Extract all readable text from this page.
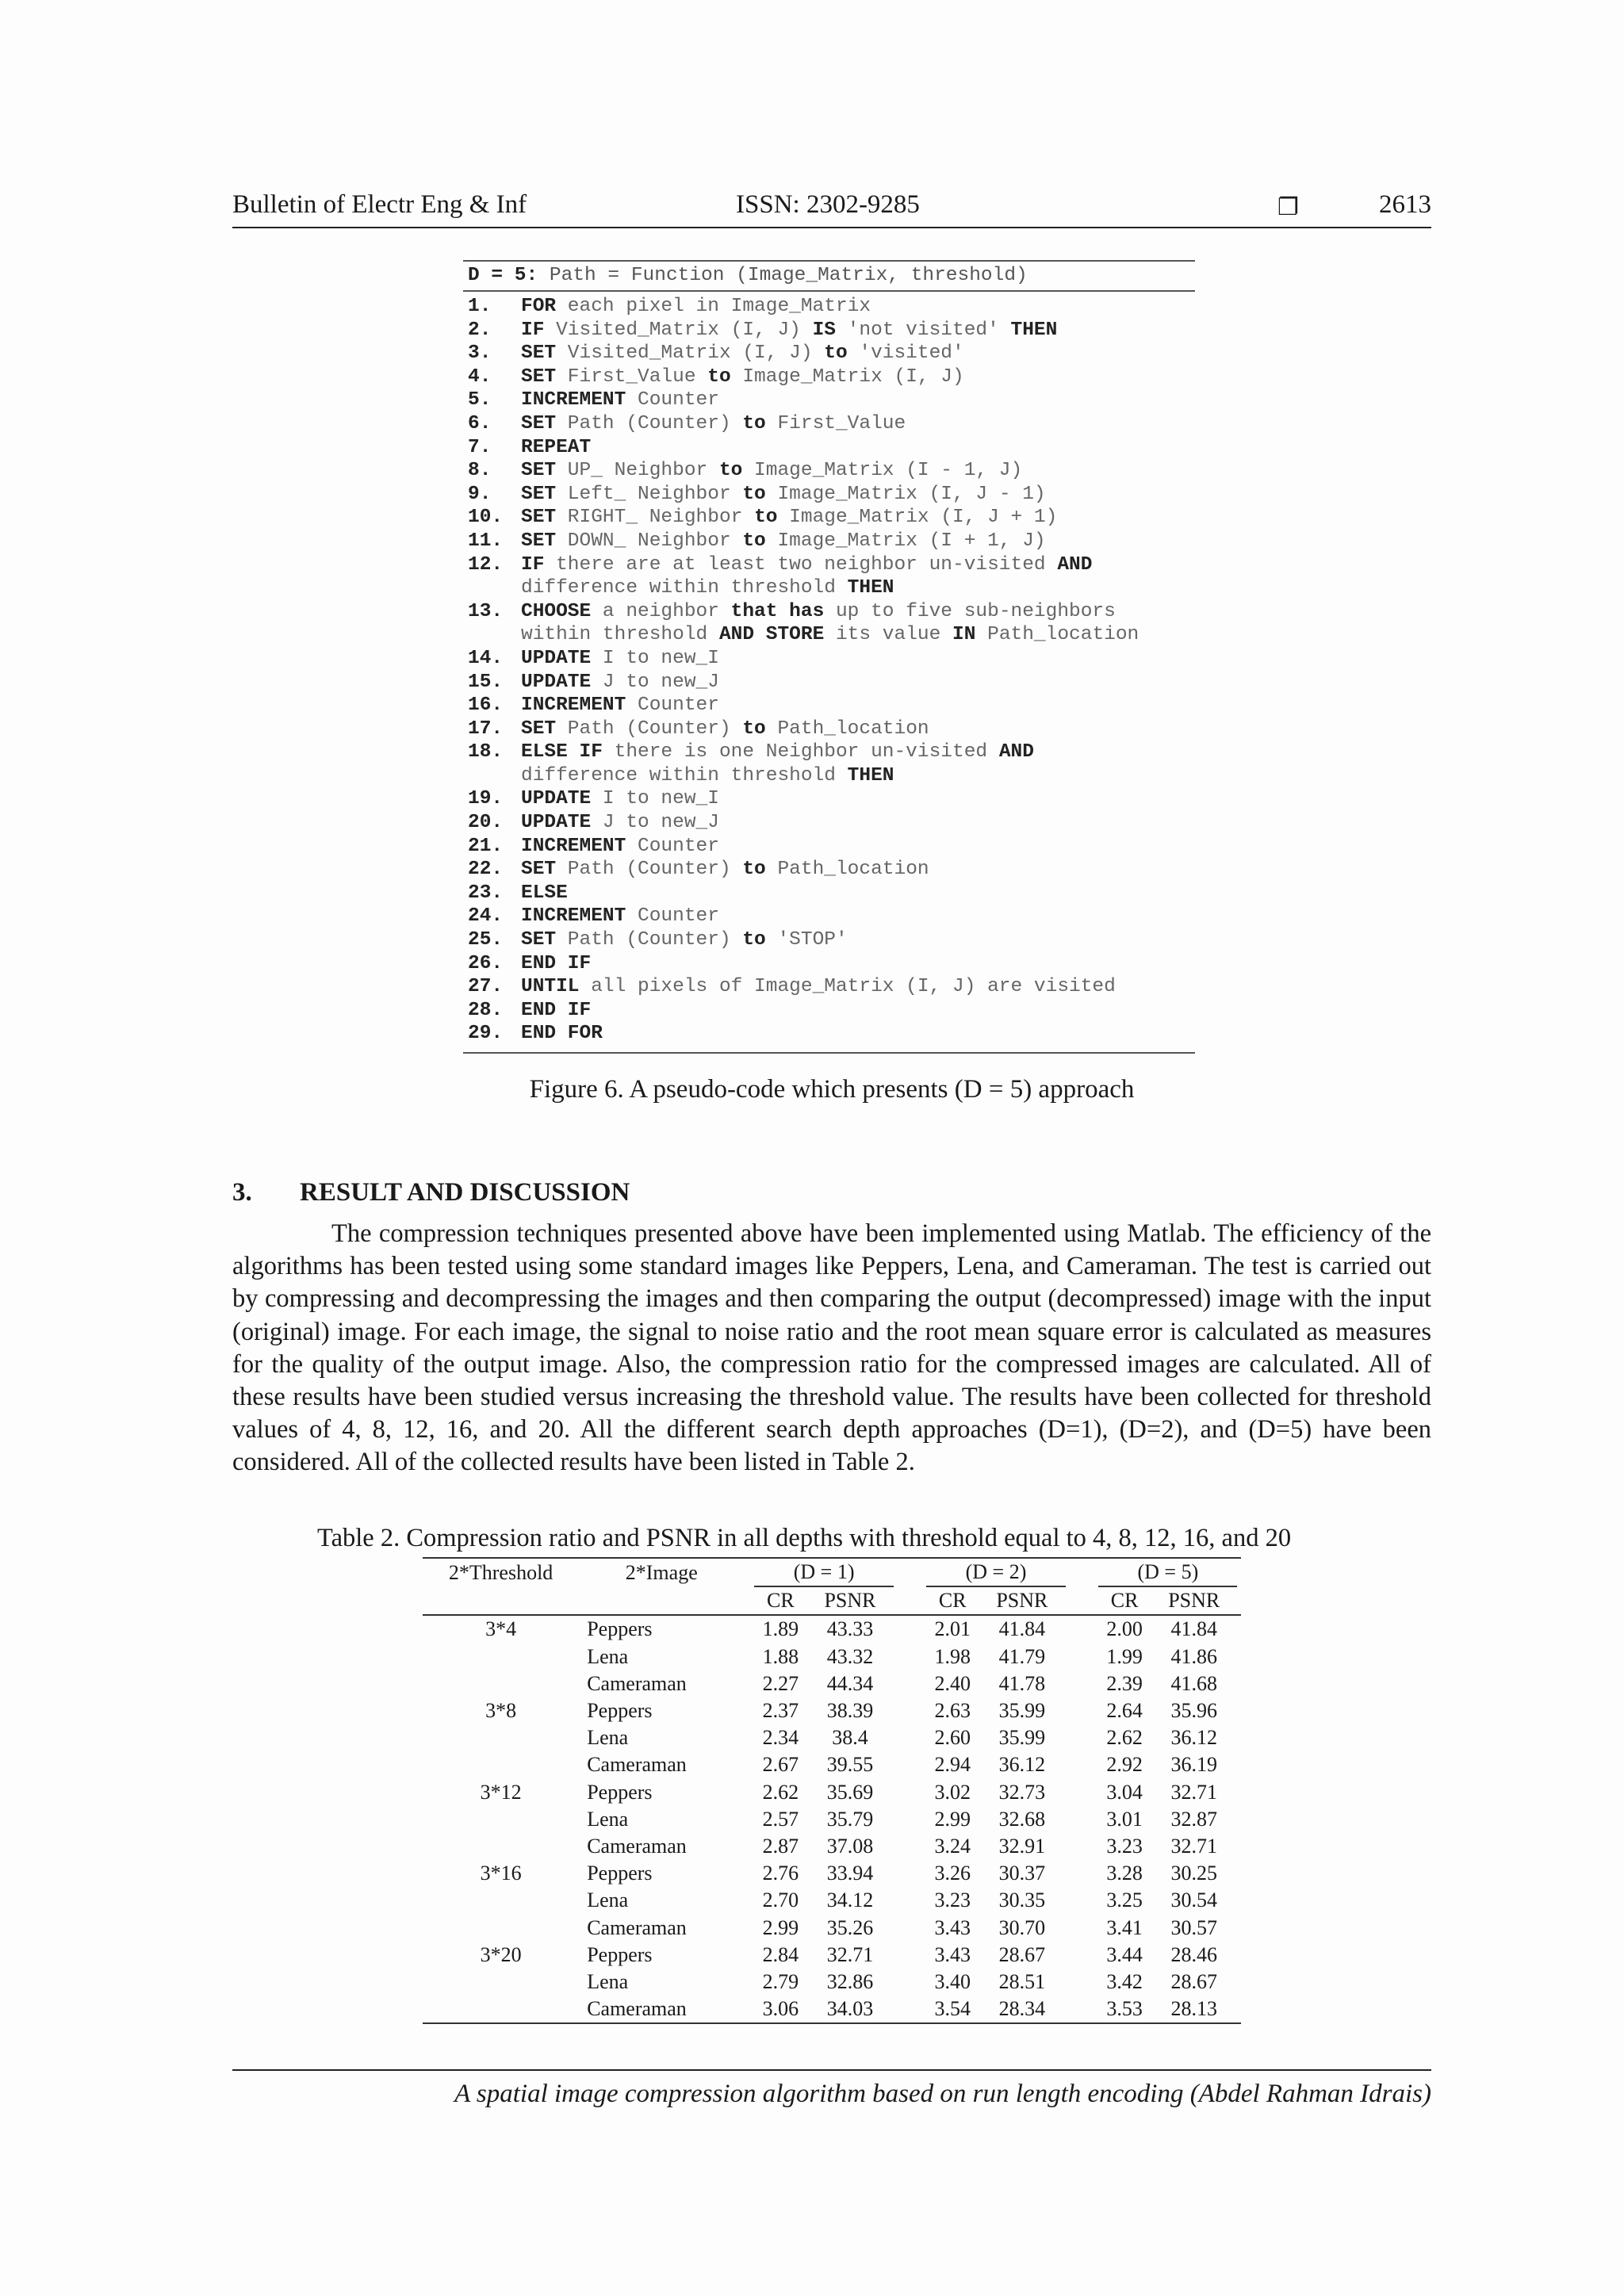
Bulletin of Electr Eng & Inf	ISSN: 2302-9285	❐	2613
D = 5: Path = Function (Image_Matrix, threshold)
1. FOR each pixel in Image_Matrix
2. IF Visited_Matrix (I, J) IS 'not visited' THEN
3. SET Visited_Matrix (I, J) to 'visited'
4. SET First_Value to Image_Matrix (I, J)
5. INCREMENT Counter
6. SET Path (Counter) to First_Value
7. REPEAT
8. SET UP_ Neighbor to Image_Matrix (I - 1, J)
9. SET Left_ Neighbor to Image_Matrix (I, J - 1)
10. SET RIGHT_ Neighbor to Image_Matrix (I, J + 1)
11. SET DOWN_ Neighbor to Image_Matrix (I + 1, J)
12. IF there are at least two neighbor un-visited AND
difference within threshold THEN
13. CHOOSE a neighbor that has up to five sub-neighbors
within threshold AND STORE its value IN Path_location
14. UPDATE I to new_I
15. UPDATE J to new_J
16. INCREMENT Counter
17. SET Path (Counter) to Path_location
18. ELSE IF there is one Neighbor un-visited AND
difference within threshold THEN
19. UPDATE I to new_I
20. UPDATE J to new_J
21. INCREMENT Counter
22. SET Path (Counter) to Path_location
23. ELSE
24. INCREMENT Counter
25. SET Path (Counter) to 'STOP'
26. END IF
27. UNTIL all pixels of Image_Matrix (I, J) are visited
28. END IF
29. END FOR
Figure 6. A pseudo-code which presents (D = 5) approach
3. RESULT AND DISCUSSION

The compression techniques presented above have been implemented using Matlab. The efficiency of the algorithms has been tested using some standard images like Peppers, Lena, and Cameraman. The test is carried out by compressing and decompressing the images and then comparing the output (decompressed) image with the input (original) image. For each image, the signal to noise ratio and the root mean square error is calculated as measures for the quality of the output image. Also, the compression ratio for the compressed images are calculated. All of these results have been studied versus increasing the threshold value. The results have been collected for threshold values of 4, 8, 12, 16, and 20. All the different search depth approaches (D=1), (D=2), and (D=5) have been considered. All of the collected results have been listed in Table 2.

Table 2. Compression ratio and PSNR in all depths with threshold equal to 4, 8, 12, 16, and 20
2*Threshold	2*Image		(D = 1)				(D = 2)				(D = 5)		
			CR	PSNR			CR	PSNR			CR	PSNR	
3*4	Peppers		1.89	43.33			2.01	41.84			2.00	41.84	
	Lena		1.88	43.32			1.98	41.79			1.99	41.86	
	Cameraman		2.27	44.34			2.40	41.78			2.39	41.68	
3*8	Peppers		2.37	38.39			2.63	35.99			2.64	35.96	
	Lena		2.34	38.4			2.60	35.99			2.62	36.12	
	Cameraman		2.67	39.55			2.94	36.12			2.92	36.19	
3*12	Peppers		2.62	35.69			3.02	32.73			3.04	32.71	
	Lena		2.57	35.79			2.99	32.68			3.01	32.87	
	Cameraman		2.87	37.08			3.24	32.91			3.23	32.71	
3*16	Peppers		2.76	33.94			3.26	30.37			3.28	30.25	
	Lena		2.70	34.12			3.23	30.35			3.25	30.54	
	Cameraman		2.99	35.26			3.43	30.70			3.41	30.57	
3*20	Peppers		2.84	32.71			3.43	28.67			3.44	28.46	
	Lena		2.79	32.86			3.40	28.51			3.42	28.67	
	Cameraman		3.06	34.03			3.54	28.34			3.53	28.13	
A spatial image compression algorithm based on run length encoding (Abdel Rahman Idrais)
